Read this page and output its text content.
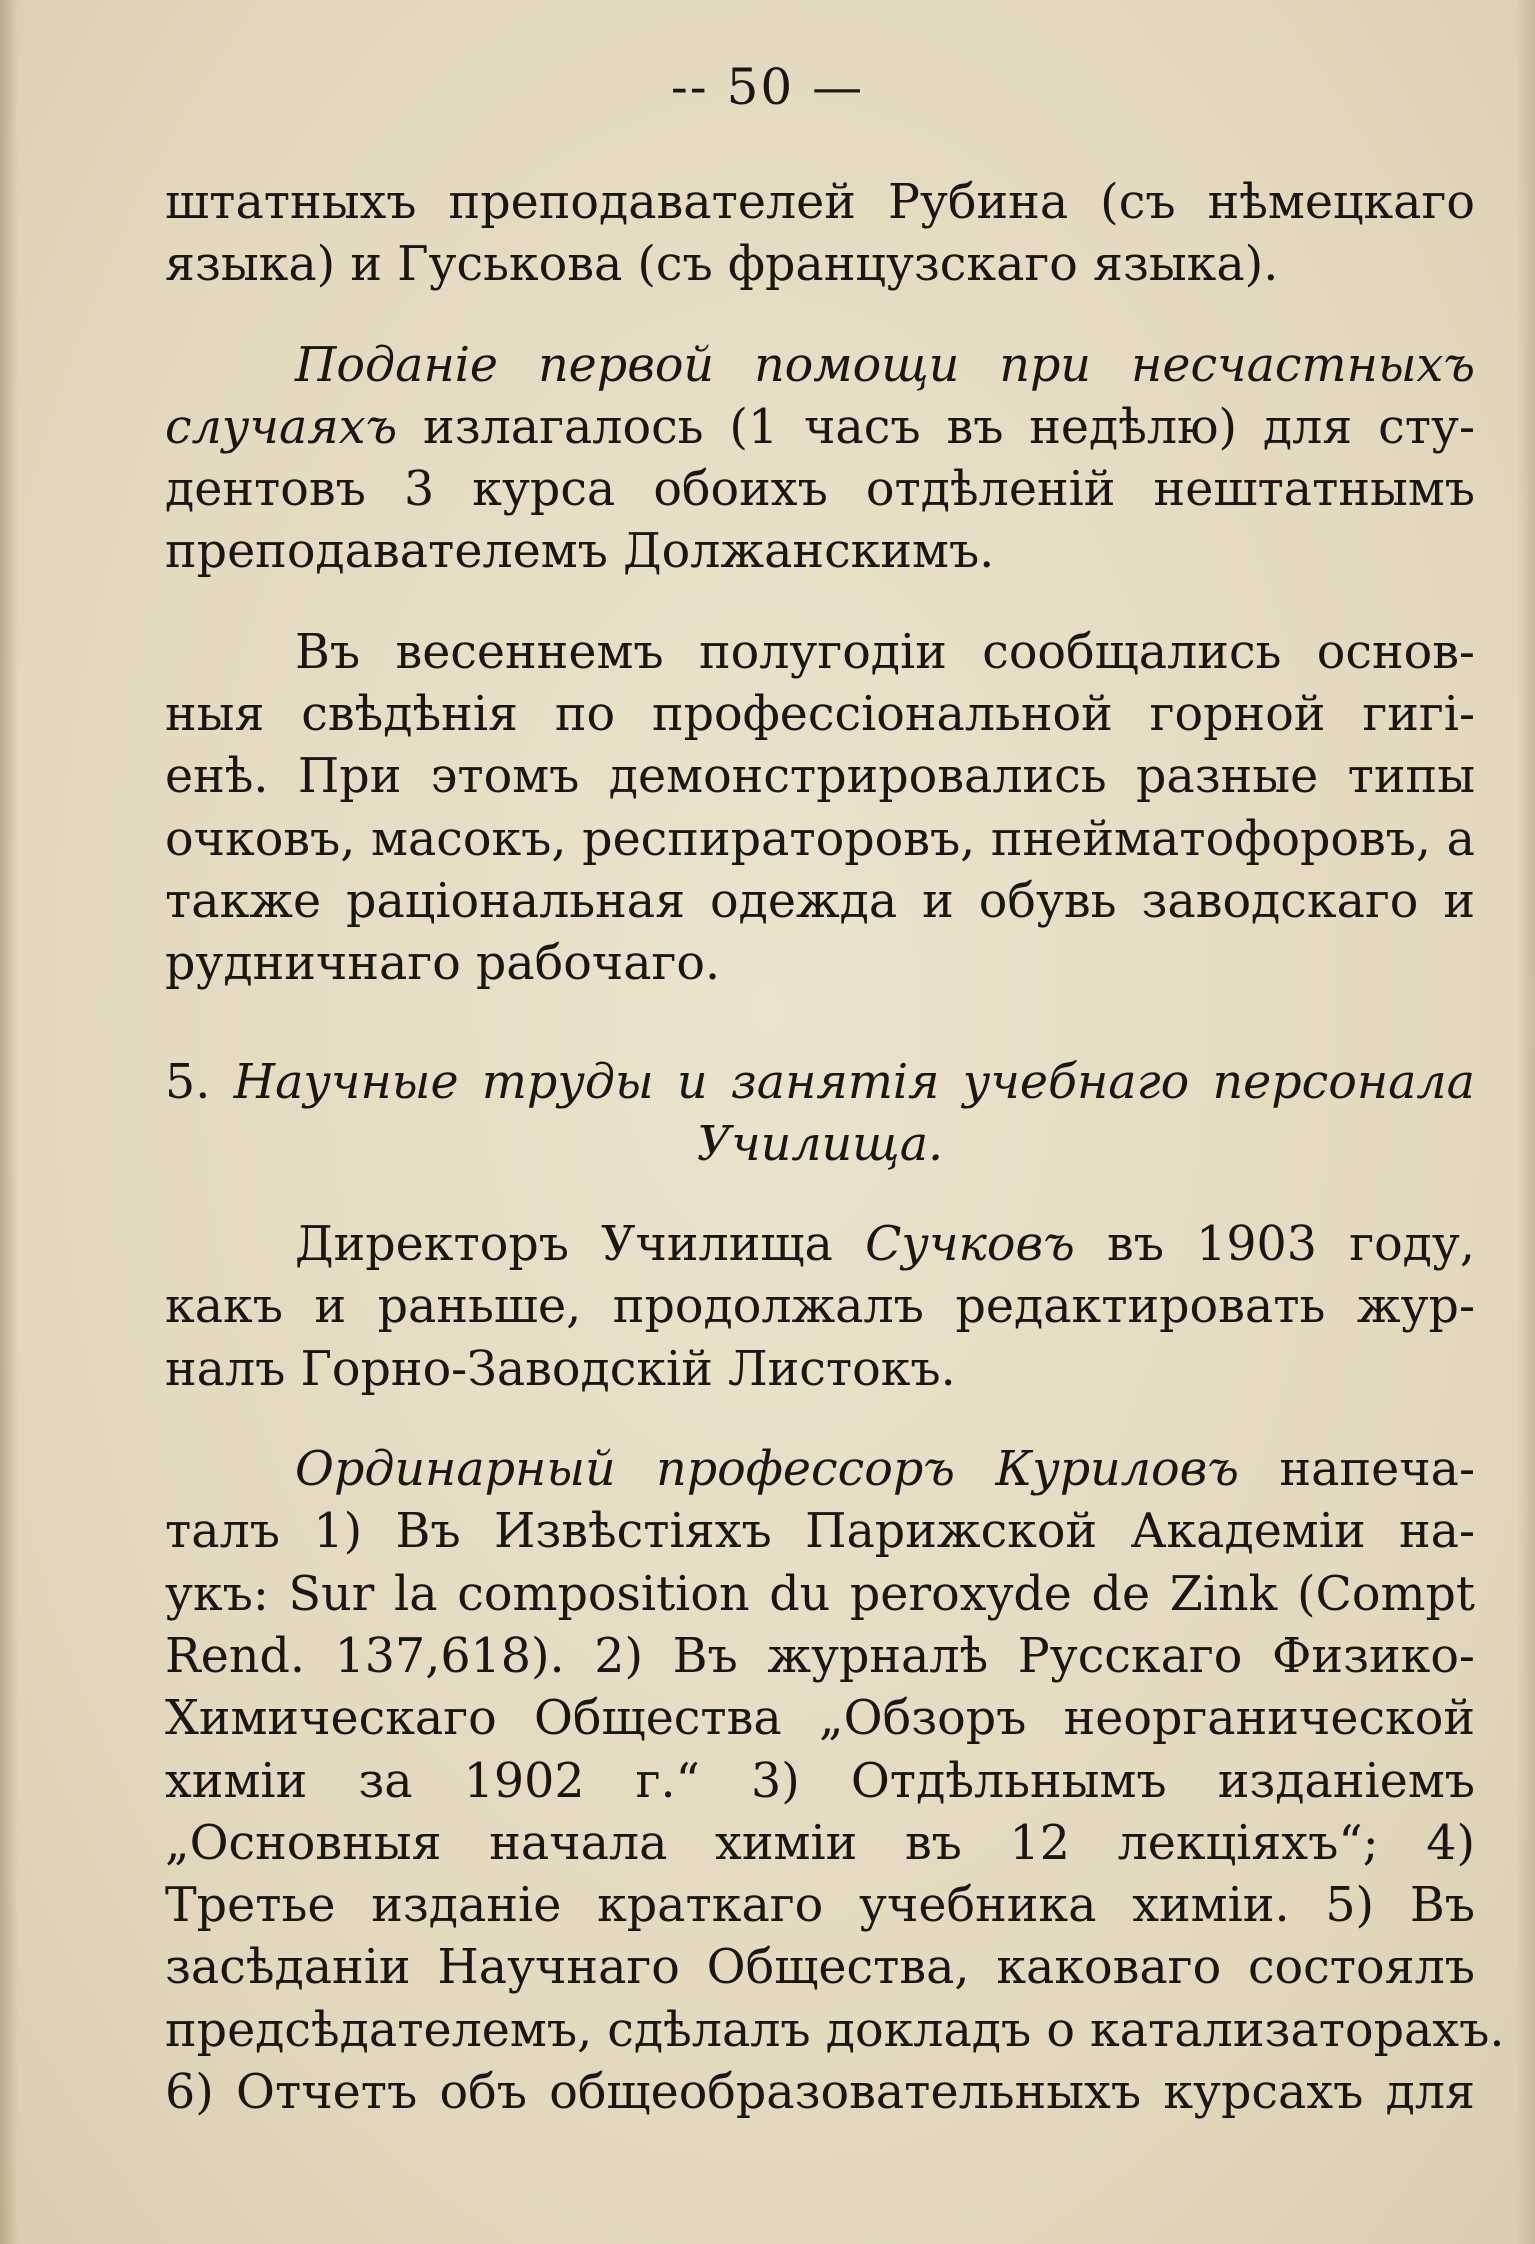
-- 50 —
штатныхъ преподавателей Рубина (съ нѣмецкаго
языка) и Гуськова (съ французскаго языка).
Поданіе первой помощи при несчастныхъ
случаяхъ излагалось (1 часъ въ недѣлю) для сту-
дентовъ 3 курса обоихъ отдѣленій нештатнымъ
преподавателемъ Должанскимъ.
Въ весеннемъ полугодіи сообщались основ-
ныя свѣдѣнія по профессіональной горной гигі-
енѣ. При этомъ демонстрировались разные типы
очковъ, масокъ, респираторовъ, пнейматофоровъ, а
также раціональная одежда и обувь заводскаго и
рудничнаго рабочаго.
5. Научные труды и занятія учебнаго персонала
Училища.
Директоръ Училища Сучковъ въ 1903 году,
какъ и раньше, продолжалъ редактировать жур-
налъ Горно-Заводскій Листокъ.
Ординарный профессоръ Куриловъ напеча-
талъ 1) Въ Извѣстіяхъ Парижской Академіи на-
укъ: Sur la composition du peroxyde de Zink (Compt
Rend. 137,618). 2) Въ журналѣ Русскаго Физико-
Химическаго Общества „Обзоръ неорганической
химіи за 1902 г.“ 3) Отдѣльнымъ изданіемъ
„Основныя начала химіи въ 12 лекціяхъ“; 4)
Третье изданіе краткаго учебника химіи. 5) Въ
засѣданіи Научнаго Общества, каковаго состоялъ
предсѣдателемъ, сдѣлалъ докладъ о катализаторахъ.
6) Отчетъ объ общеобразовательныхъ курсахъ для
